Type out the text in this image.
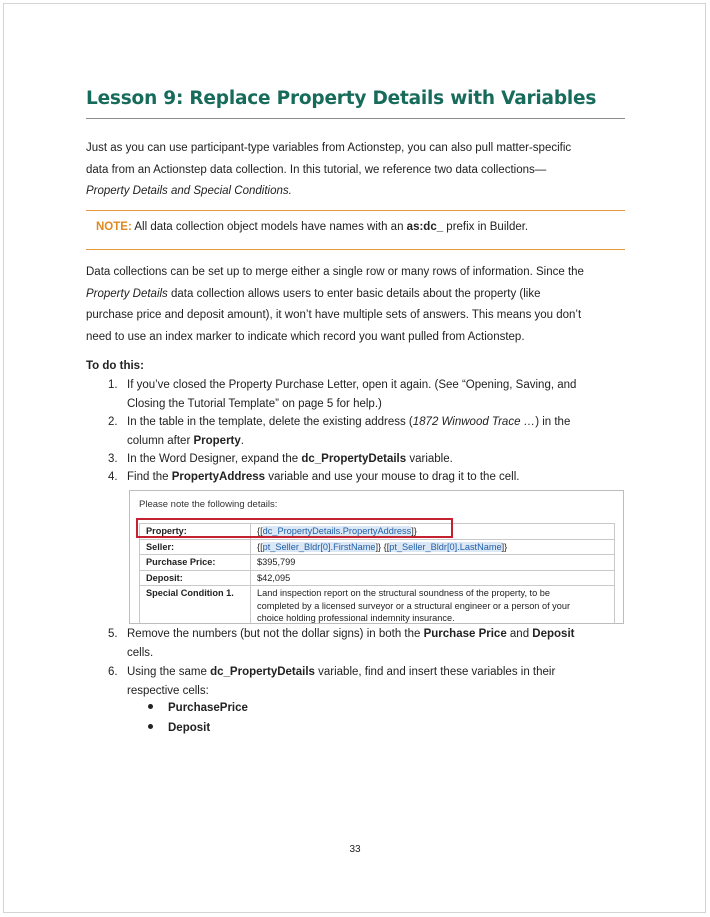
Lesson 9: Replace Property Details with Variables
Just as you can use participant-type variables from Actionstep, you can also pull matter-specific
data from an Actionstep data collection. In this tutorial, we reference two data collections—
Property Details and Special Conditions.
NOTE: All data collection object models have names with an as:dc_ prefix in Builder.
Data collections can be set up to merge either a single row or many rows of information. Since the
Property Details data collection allows users to enter basic details about the property (like
purchase price and deposit amount), it won’t have multiple sets of answers. This means you don’t
need to use an index marker to indicate which record you want pulled from Actionstep.
To do this:
1. If you’ve closed the Property Purchase Letter, open it again. (See “Opening, Saving, and
Closing the Tutorial Template” on page 5 for help.)
2. In the table in the template, delete the existing address (1872 Winwood Trace …) in the
column after Property.
3. In the Word Designer, expand the dc_PropertyDetails variable.
4. Find the PropertyAddress variable and use your mouse to drag it to the cell.
5. Remove the numbers (but not the dollar signs) in both the Purchase Price and Deposit
cells.
6. Using the same dc_PropertyDetails variable, find and insert these variables in their
respective cells:
Please note the following details:
Property:	{[dc_PropertyDetails.PropertyAddress]}
Seller:	{[pt_Seller_Bldr[0].FirstName]} {[pt_Seller_Bldr[0].LastName]}
Purchase Price:	$395,799
Deposit:	$42,095
Special Condition 1.	Land inspection report on the structural soundness of the property, to be
completed by a licensed surveyor or a structural engineer or a person of your
choice holding professional indemnity insurance.
PurchasePrice
Deposit
33
